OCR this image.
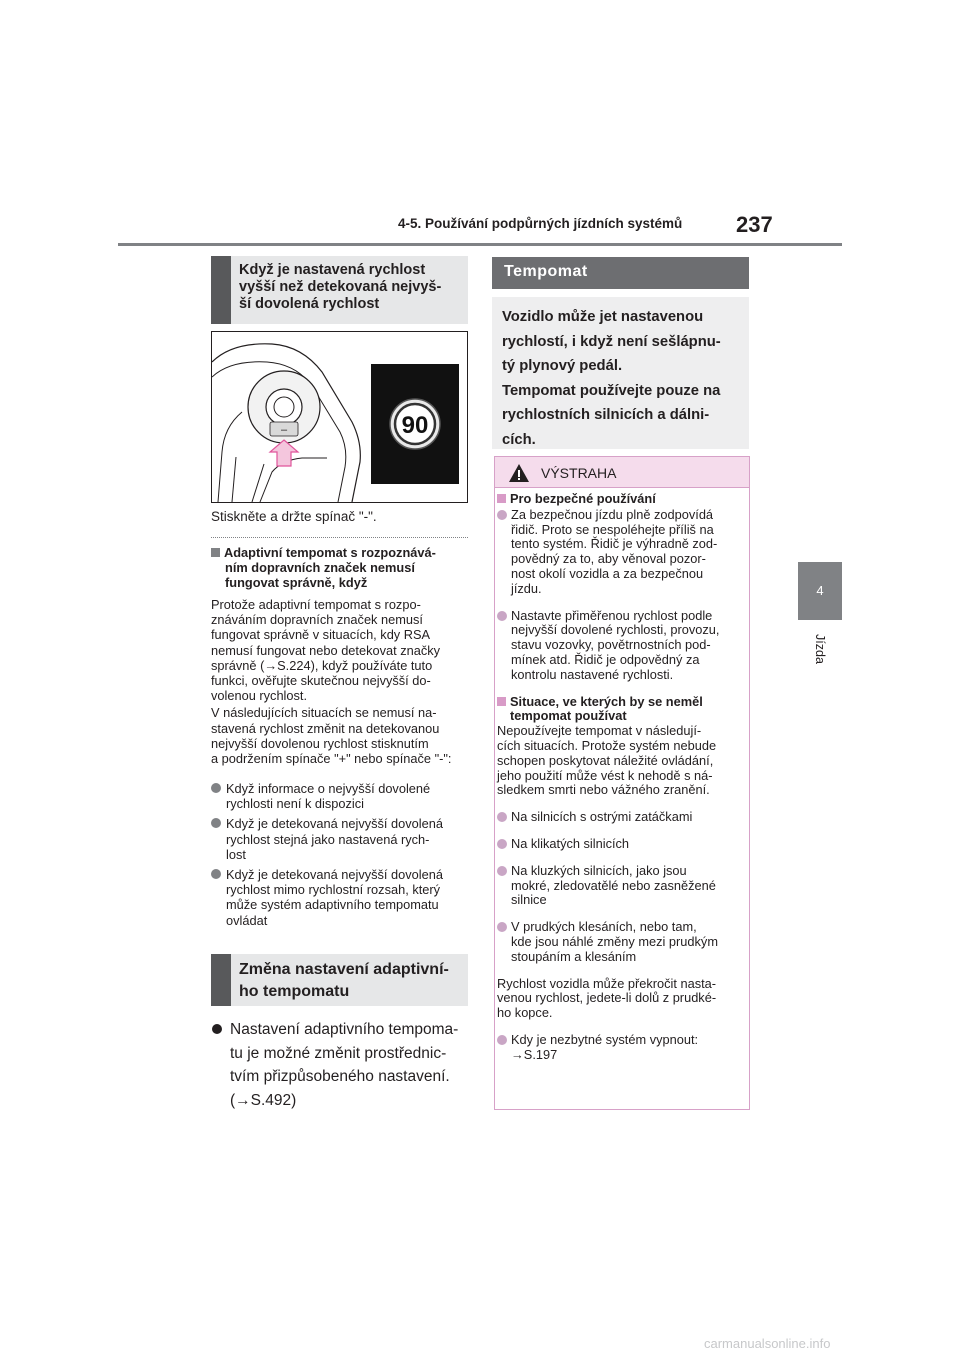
4-5. Používání podpůrných jízdních systémů 237
4
Jízda
Když je nastavená rychlost
vyšší než detekovaná nejvyš-
ší dovolená rychlost
–	90
Stiskněte a držte spínač "-".
Adaptivní tempomat s rozpoznává-
ním dopravních značek nemusí
fungovat správně, když
Protože adaptivní tempomat s rozpo-
znáváním dopravních značek nemusí
fungovat správně v situacích, kdy RSA
nemusí fungovat nebo detekovat značky
správně (→S.224), když používáte tuto
funkci, ověřujte skutečnou nejvyšší do-
volenou rychlost.
V následujících situacích se nemusí na-
stavená rychlost změnit na detekovanou
nejvyšší dovolenou rychlost stisknutím
a podržením spínače "+" nebo spínače "-":
Když informace o nejvyšší dovolené
rychlosti není k dispozici
Když je detekovaná nejvyšší dovolená
rychlost stejná jako nastavená rych-
lost
Když je detekovaná nejvyšší dovolená
rychlost mimo rychlostní rozsah, který
může systém adaptivního tempomatu
ovládat
Změna nastavení adaptivní-
ho tempomatu
Nastavení adaptivního tempoma-
tu je možné změnit prostřednic-
tvím přizpůsobeného nastavení.
(→S.492)
Tempomat
Vozidlo může jet nastavenou
rychlostí, i když není sešlápnu-
tý plynový pedál.
Tempomat používejte pouze na
rychlostních silnicích a dálni-
cích.
VÝSTRAHA
Pro bezpečné používání
Za bezpečnou jízdu plně zodpovídá
řidič. Proto se nespoléhejte příliš na
tento systém. Řidič je výhradně zod-
povědný za to, aby věnoval pozor-
nost okolí vozidla a za bezpečnou
jízdu.
Nastavte přiměřenou rychlost podle
nejvyšší dovolené rychlosti, provozu,
stavu vozovky, povětrnostních pod-
mínek atd. Řidič je odpovědný za
kontrolu nastavené rychlosti.
Situace, ve kterých by se neměl
tempomat používat
Nepoužívejte tempomat v následují-
cích situacích. Protože systém nebude
schopen poskytovat náležité ovládání,
jeho použití může vést k nehodě s ná-
sledkem smrti nebo vážného zranění.
Na silnicích s ostrými zatáčkami
Na klikatých silnicích
Na kluzkých silnicích, jako jsou
mokré, zledovatělé nebo zasněžené
silnice
V prudkých klesáních, nebo tam,
kde jsou náhlé změny mezi prudkým
stoupáním a klesáním
Rychlost vozidla může překročit nasta-
venou rychlost, jedete-li dolů z prudké-
ho kopce.
Kdy je nezbytné systém vypnout:
→S.197
carmanualsonline.info
